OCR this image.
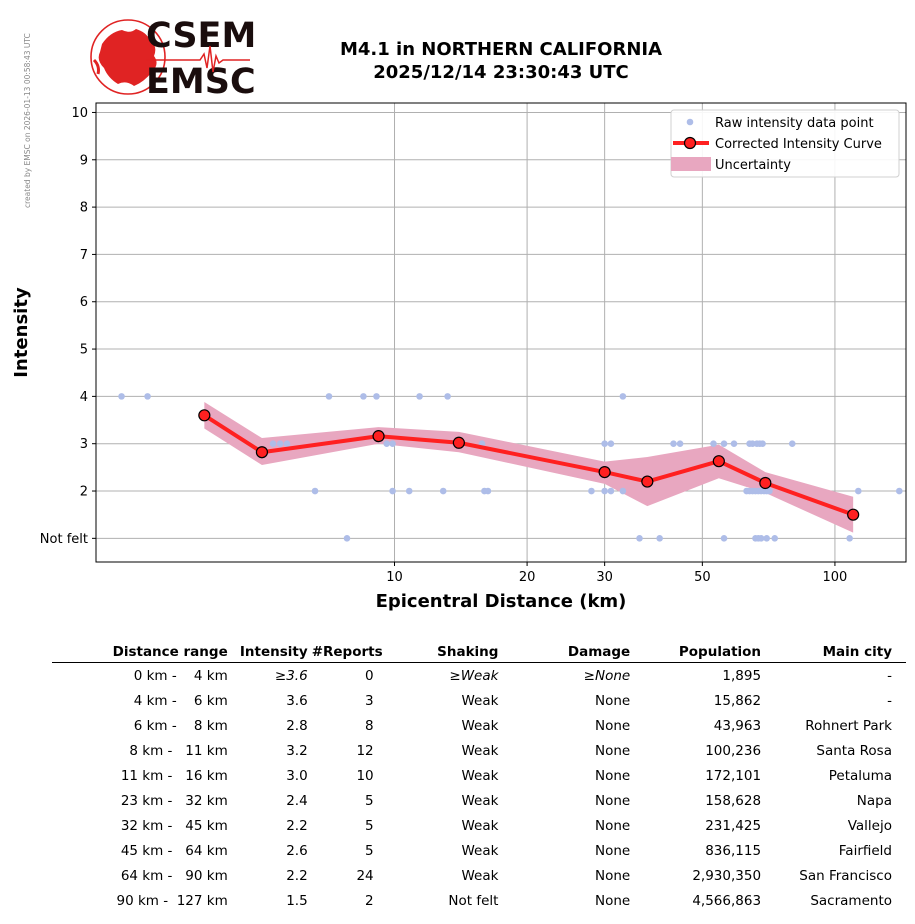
created by EMSC on 2026-01-13 00:58:43 UTC	CSEM
EMSC
M4.1 in NORTHERN CALIFORNIA
2025/12/14 23:30:43 UTC
Not felt
2
3
4
5
6
7
8
9
10
10	20	30	50	100
Raw intensity data point
Corrected Intensity Curve
Uncertainty
Epicentral Distance (km)
Intensity
Distance range	Intensity	#Reports	Shaking	Damage	Population	Main city
0 km -    4 km	≥3.6	0	≥Weak	≥None	1,895	-
4 km -    6 km	3.6	3	Weak	None	15,862	-
6 km -    8 km	2.8	8	Weak	None	43,963	Rohnert Park
8 km -   11 km	3.2	12	Weak	None	100,236	Santa Rosa
11 km -   16 km	3.0	10	Weak	None	172,101	Petaluma
23 km -   32 km	2.4	5	Weak	None	158,628	Napa
32 km -   45 km	2.2	5	Weak	None	231,425	Vallejo
45 km -   64 km	2.6	5	Weak	None	836,115	Fairfield
64 km -   90 km	2.2	24	Weak	None	2,930,350	San Francisco
90 km -  127 km	1.5	2	Not felt	None	4,566,863	Sacramento
